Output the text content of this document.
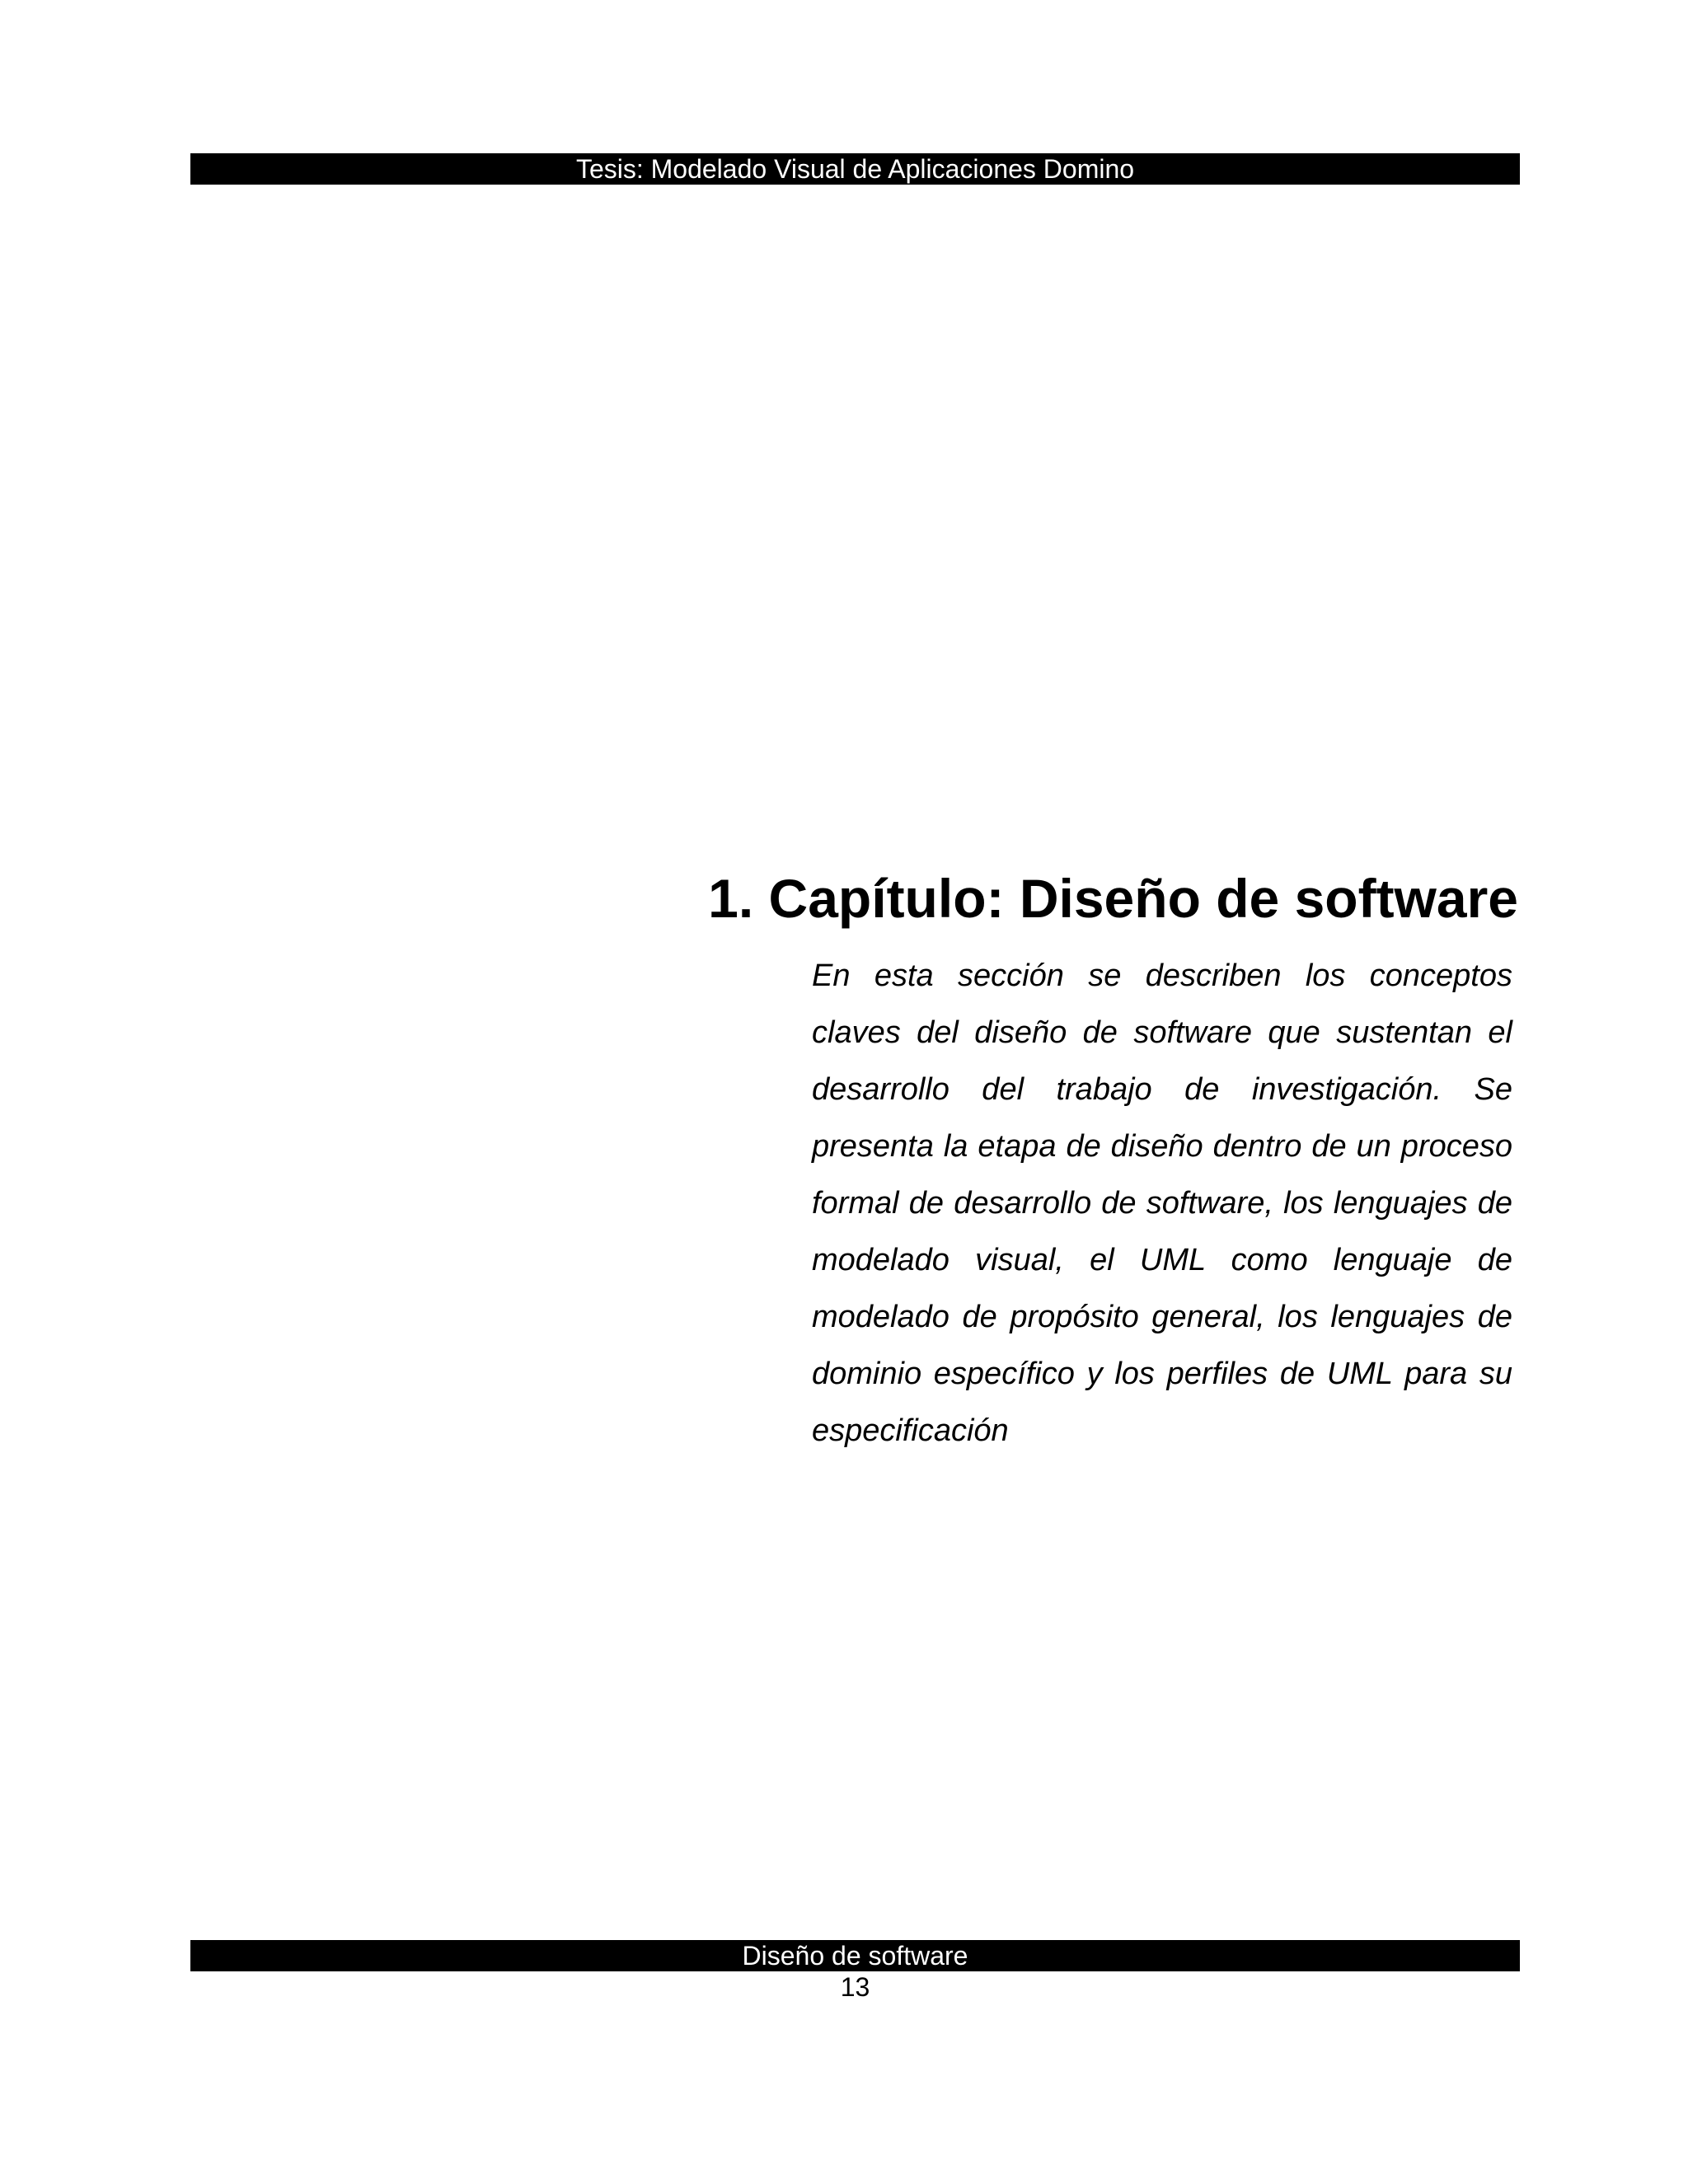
Tesis: Modelado Visual de Aplicaciones Domino
1. Capítulo: Diseño de software

En esta sección se describen los conceptos claves del diseño de software que sustentan el desarrollo del trabajo de investigación. Se presenta la etapa de diseño dentro de un proceso formal de desarrollo de software, los lenguajes de modelado visual, el UML como lenguaje de modelado de propósito general, los lenguajes de dominio específico y los perfiles de UML para su especificación

Diseño de software
13
